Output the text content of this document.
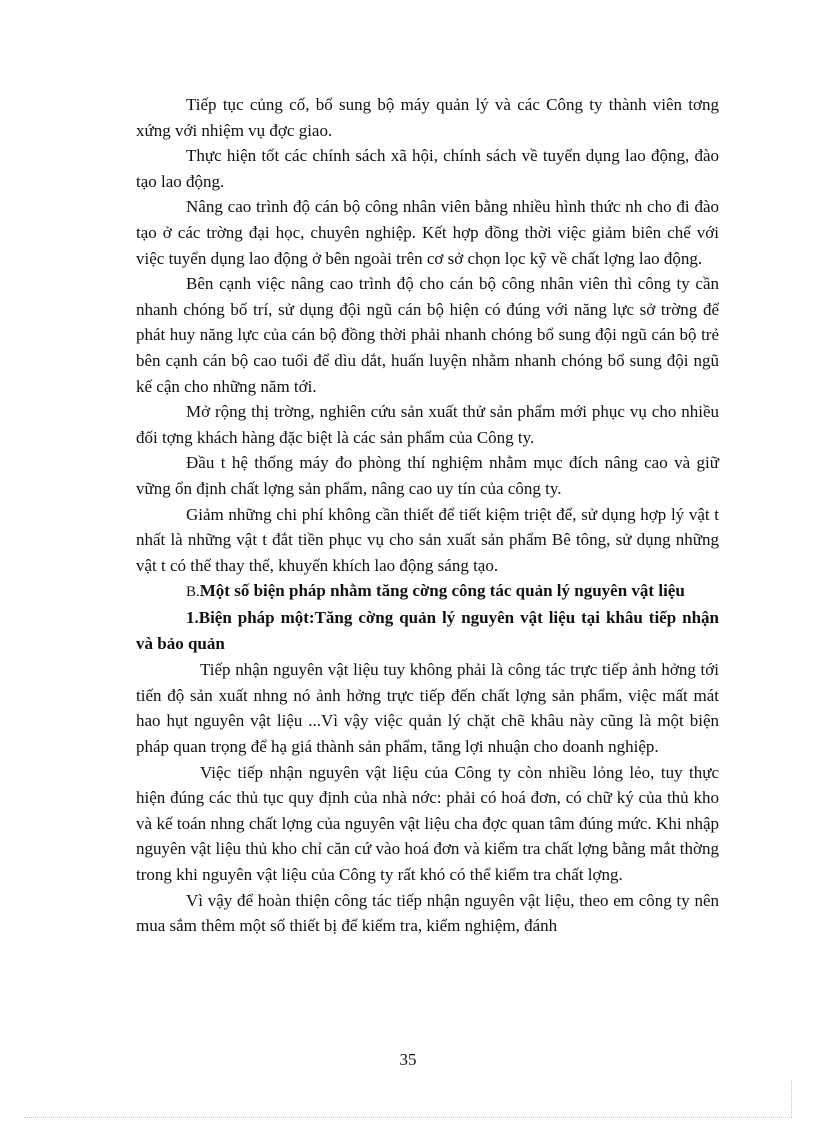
Tiếp tục củng cố, bổ sung bộ máy quản lý và các Công ty thành viên tơng xứng với nhiệm vụ đợc giao.

Thực hiện tốt các chính sách xã hội, chính sách về tuyển dụng lao động, đào tạo lao động.

Nâng cao trình độ cán bộ công nhân viên bằng nhiều hình thức nh cho đi đào tạo ở các trờng đại học, chuyên nghiệp. Kết hợp đồng thời việc giảm biên chế với việc tuyển dụng lao động ở bên ngoài trên cơ sở chọn lọc kỹ về chất lợng lao động.

Bên cạnh việc nâng cao trình độ cho cán bộ công nhân viên thì công ty cần nhanh chóng bố trí, sử dụng đội ngũ cán bộ hiện có đúng với năng lực sở trờng để phát huy năng lực của cán bộ đồng thời phải nhanh chóng bổ sung đội ngũ cán bộ trẻ bên cạnh cán bộ cao tuổi để dìu dắt, huấn luyện nhằm nhanh chóng bổ sung đội ngũ kế cận cho những năm tới.

Mở rộng thị trờng, nghiên cứu sản xuất thử sản phẩm mới phục vụ cho nhiều đối tợng khách hàng đặc biệt là các sản phẩm của Công ty.

Đầu t hệ thống máy đo phòng thí nghiệm nhằm mục đích nâng cao và giữ vững ổn định chất lợng sản phẩm, nâng cao uy tín của công ty.

Giảm những chi phí không cần thiết để tiết kiệm triệt để, sử dụng hợp lý vật t nhất là những vật t đắt tiền phục vụ cho sản xuất sản phẩm Bê tông, sử dụng những vật t có thể thay thế, khuyến khích lao động sáng tạo.

B.Một số biện pháp nhằm tăng cờng công tác quản lý nguyên vật liệu

1.Biện pháp một:Tăng cờng quản lý nguyên vật liệu tại khâu tiếp nhận và bảo quản

Tiếp nhận nguyên vật liệu tuy không phải là công tác trực tiếp ảnh hởng tới tiến độ sản xuất nhng nó ảnh hởng trực tiếp đến chất lợng sản phẩm, việc mất mát hao hụt nguyên vật liệu ...Vì vậy việc quản lý chặt chẽ khâu này cũng là một biện pháp quan trọng để hạ giá thành sản phẩm, tăng lợi nhuận cho doanh nghiệp.

Việc tiếp nhận nguyên vật liệu của Công ty còn nhiều lỏng lẻo, tuy thực hiện đúng các thủ tục quy định của nhà nớc: phải có hoá đơn, có chữ ký của thủ kho và kế toán nhng chất lợng của nguyên vật liệu cha đợc quan tâm đúng mức. Khi nhập nguyên vật liệu thủ kho chỉ căn cứ vào hoá đơn và kiểm tra chất lợng bằng mắt thờng trong khi nguyên vật liệu của Công ty rất khó có thể kiểm tra chất lợng.

Vì vậy để hoàn thiện công tác tiếp nhận nguyên vật liệu, theo em công ty nên mua sắm thêm một số thiết bị để kiểm tra, kiểm nghiệm, đánh

35
